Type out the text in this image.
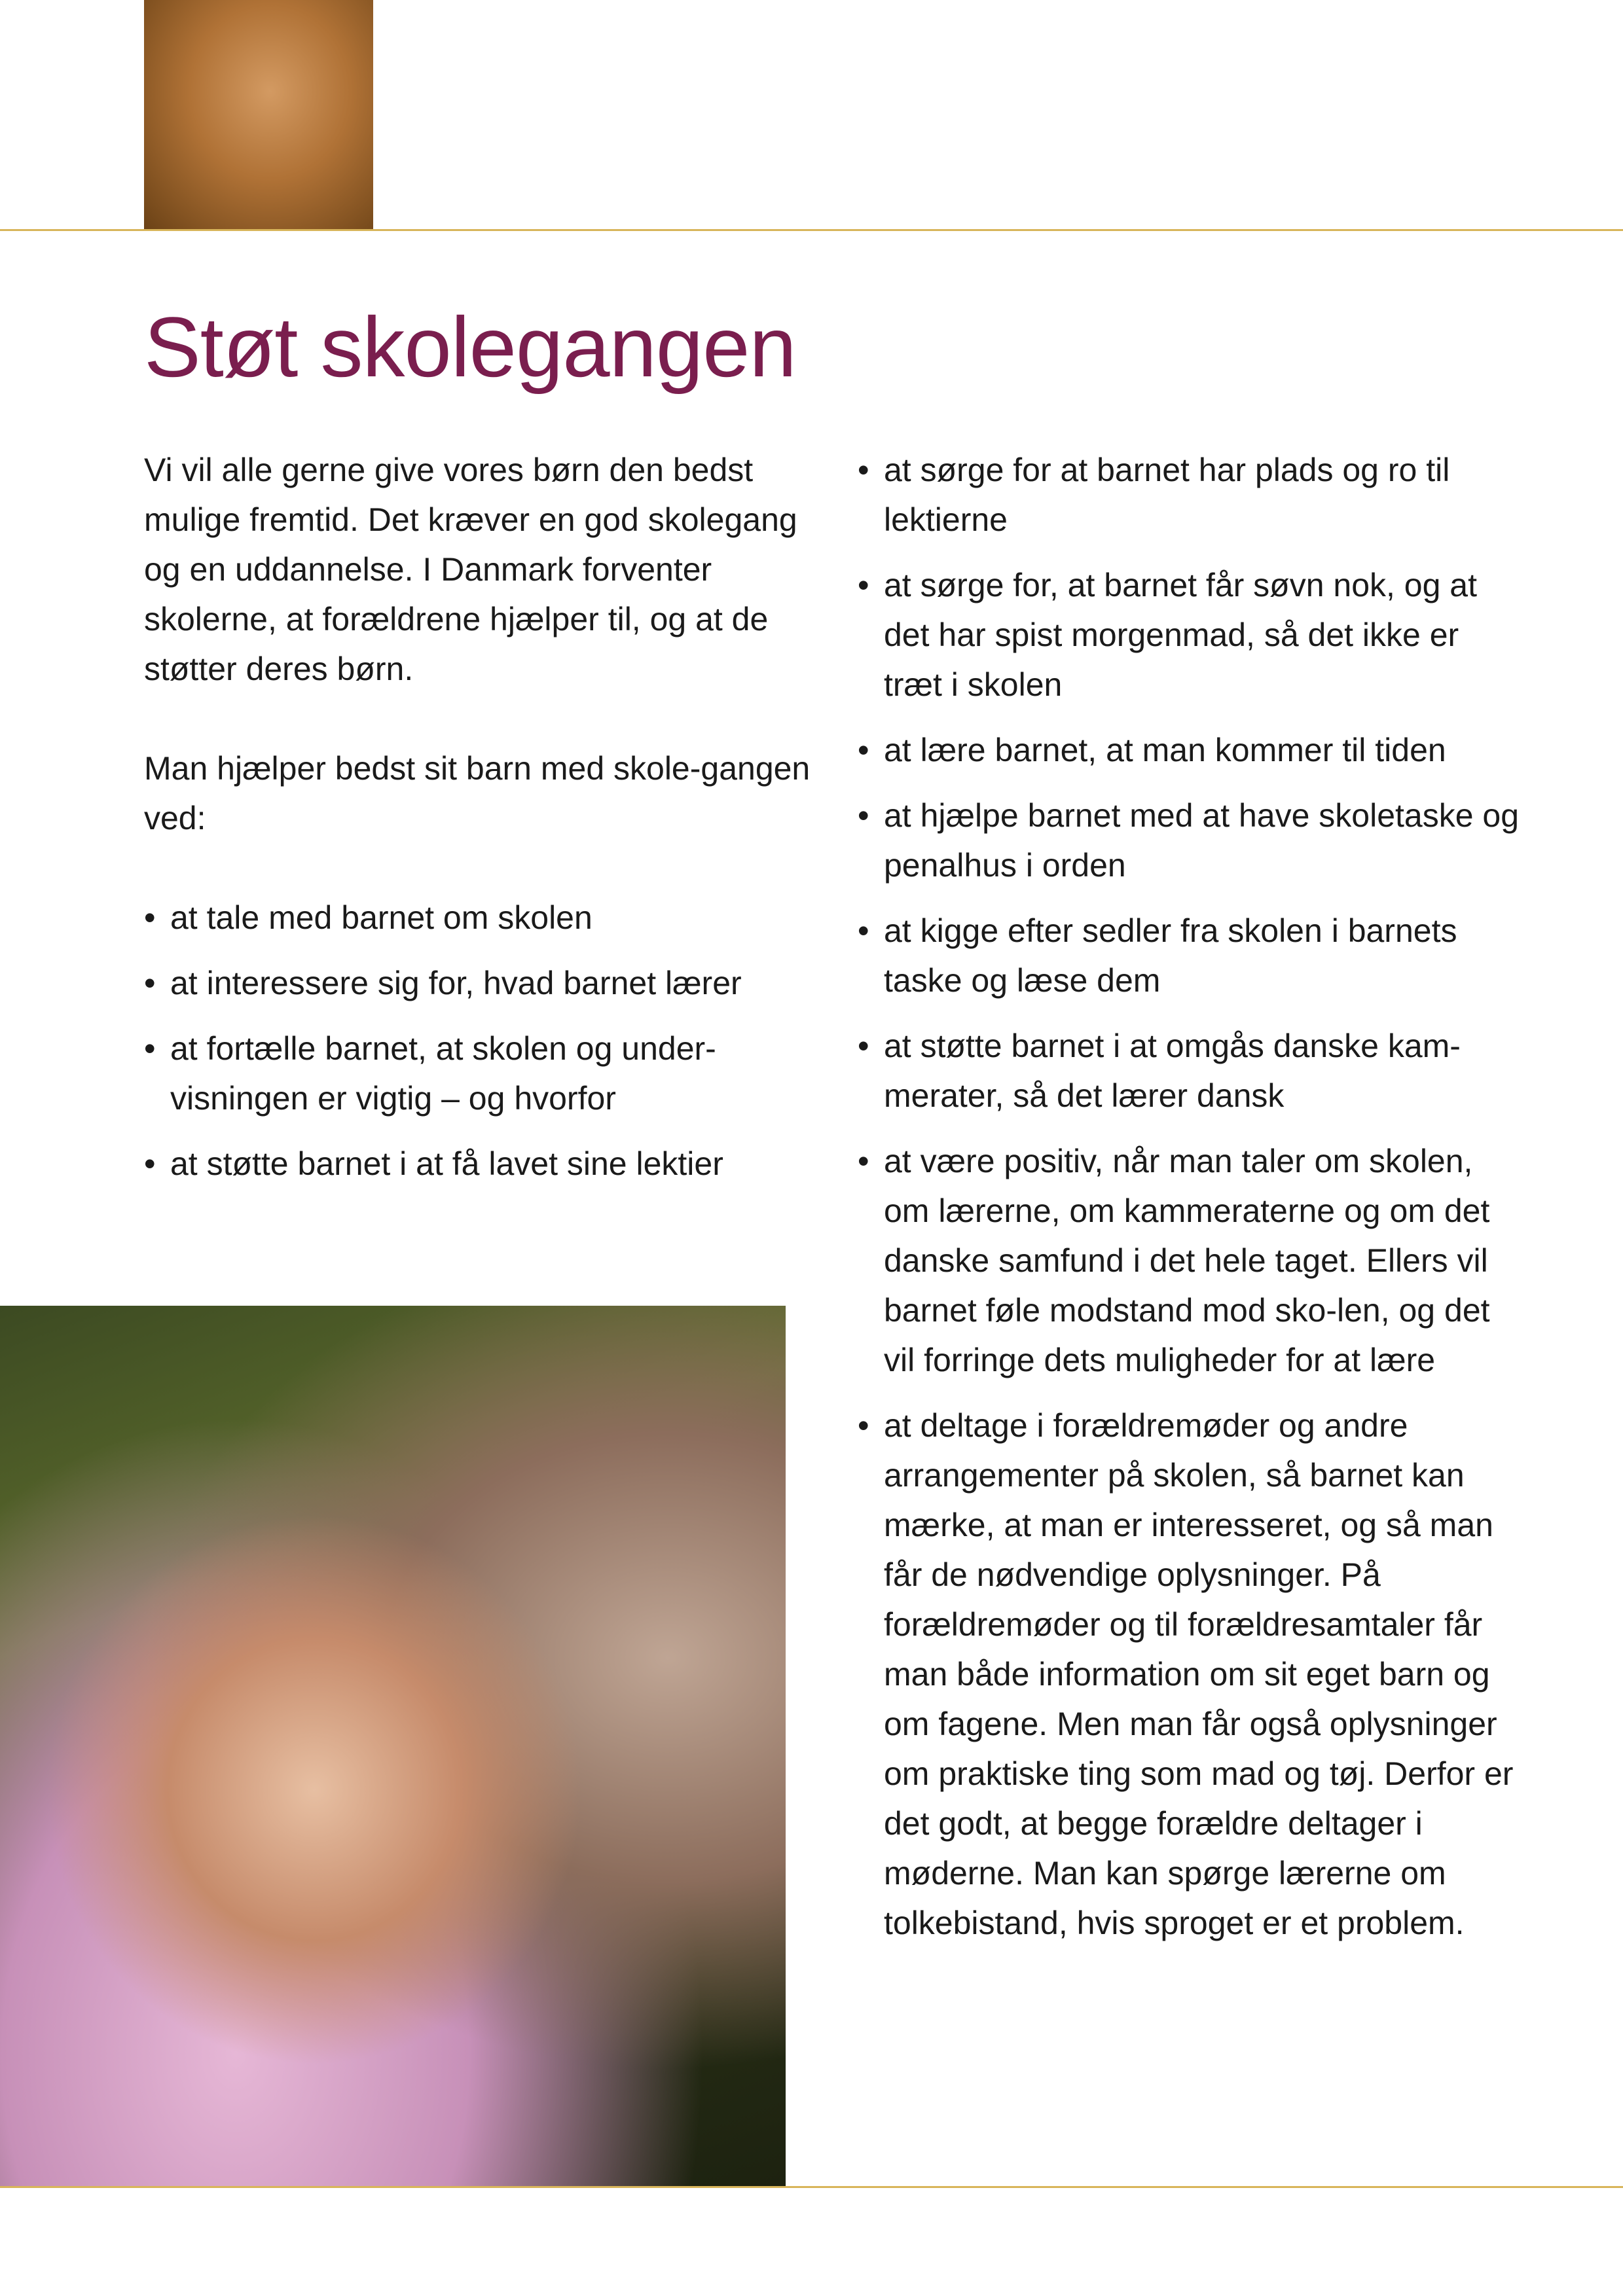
Støt skolegangen

Vi vil alle gerne give vores børn den bedst mulige fremtid. Det kræver en god skolegang og en uddannelse. I Danmark forventer skolerne, at forældrene hjælper til, og at de støtter deres børn.

Man hjælper bedst sit barn med skole-gangen ved:

• at tale med barnet om skolen
• at interessere sig for, hvad barnet lærer
• at fortælle barnet, at skolen og under-visningen er vigtig – og hvorfor
• at støtte barnet i at få lavet sine lektier
• at sørge for at barnet har plads og ro til lektierne
• at sørge for, at barnet får søvn nok, og at det har spist morgenmad, så det ikke er træt i skolen
• at lære barnet, at man kommer til tiden
• at hjælpe barnet med at have skoletaske og penalhus i orden
• at kigge efter sedler fra skolen i barnets taske og læse dem
• at støtte barnet i at omgås danske kam-merater, så det lærer dansk
• at være positiv, når man taler om skolen, om lærerne, om kammeraterne og om det danske samfund i det hele taget. Ellers vil barnet føle modstand mod sko-len, og det vil forringe dets muligheder for at lære
• at deltage i forældremøder og andre arrangementer på skolen, så barnet kan mærke, at man er interesseret, og så man får de nødvendige oplysninger. På forældremøder og til forældresamtaler får man både information om sit eget barn og om fagene. Men man får også oplysninger om praktiske ting som mad og tøj. Derfor er det godt, at begge forældre deltager i møderne. Man kan spørge lærerne om tolkebistand, hvis sproget er et problem.
